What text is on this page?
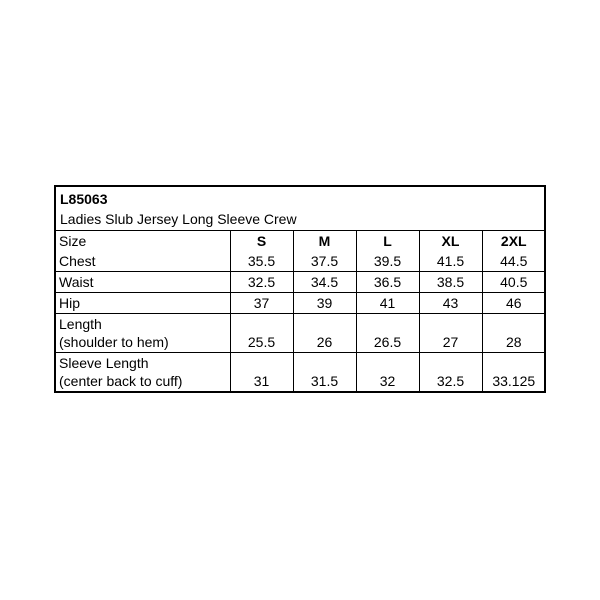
L85063
Ladies Slub Jersey Long Sleeve Crew
Size	S	M	L	XL	2XL
Chest	35.5	37.5	39.5	41.5	44.5
Waist	32.5	34.5	36.5	38.5	40.5
Hip	37	39	41	43	46

Length
(shoulder to hem)	25.5	26	26.5	27	28

Sleeve Length
(center back to cuff)	31	31.5	32	32.5	33.125
